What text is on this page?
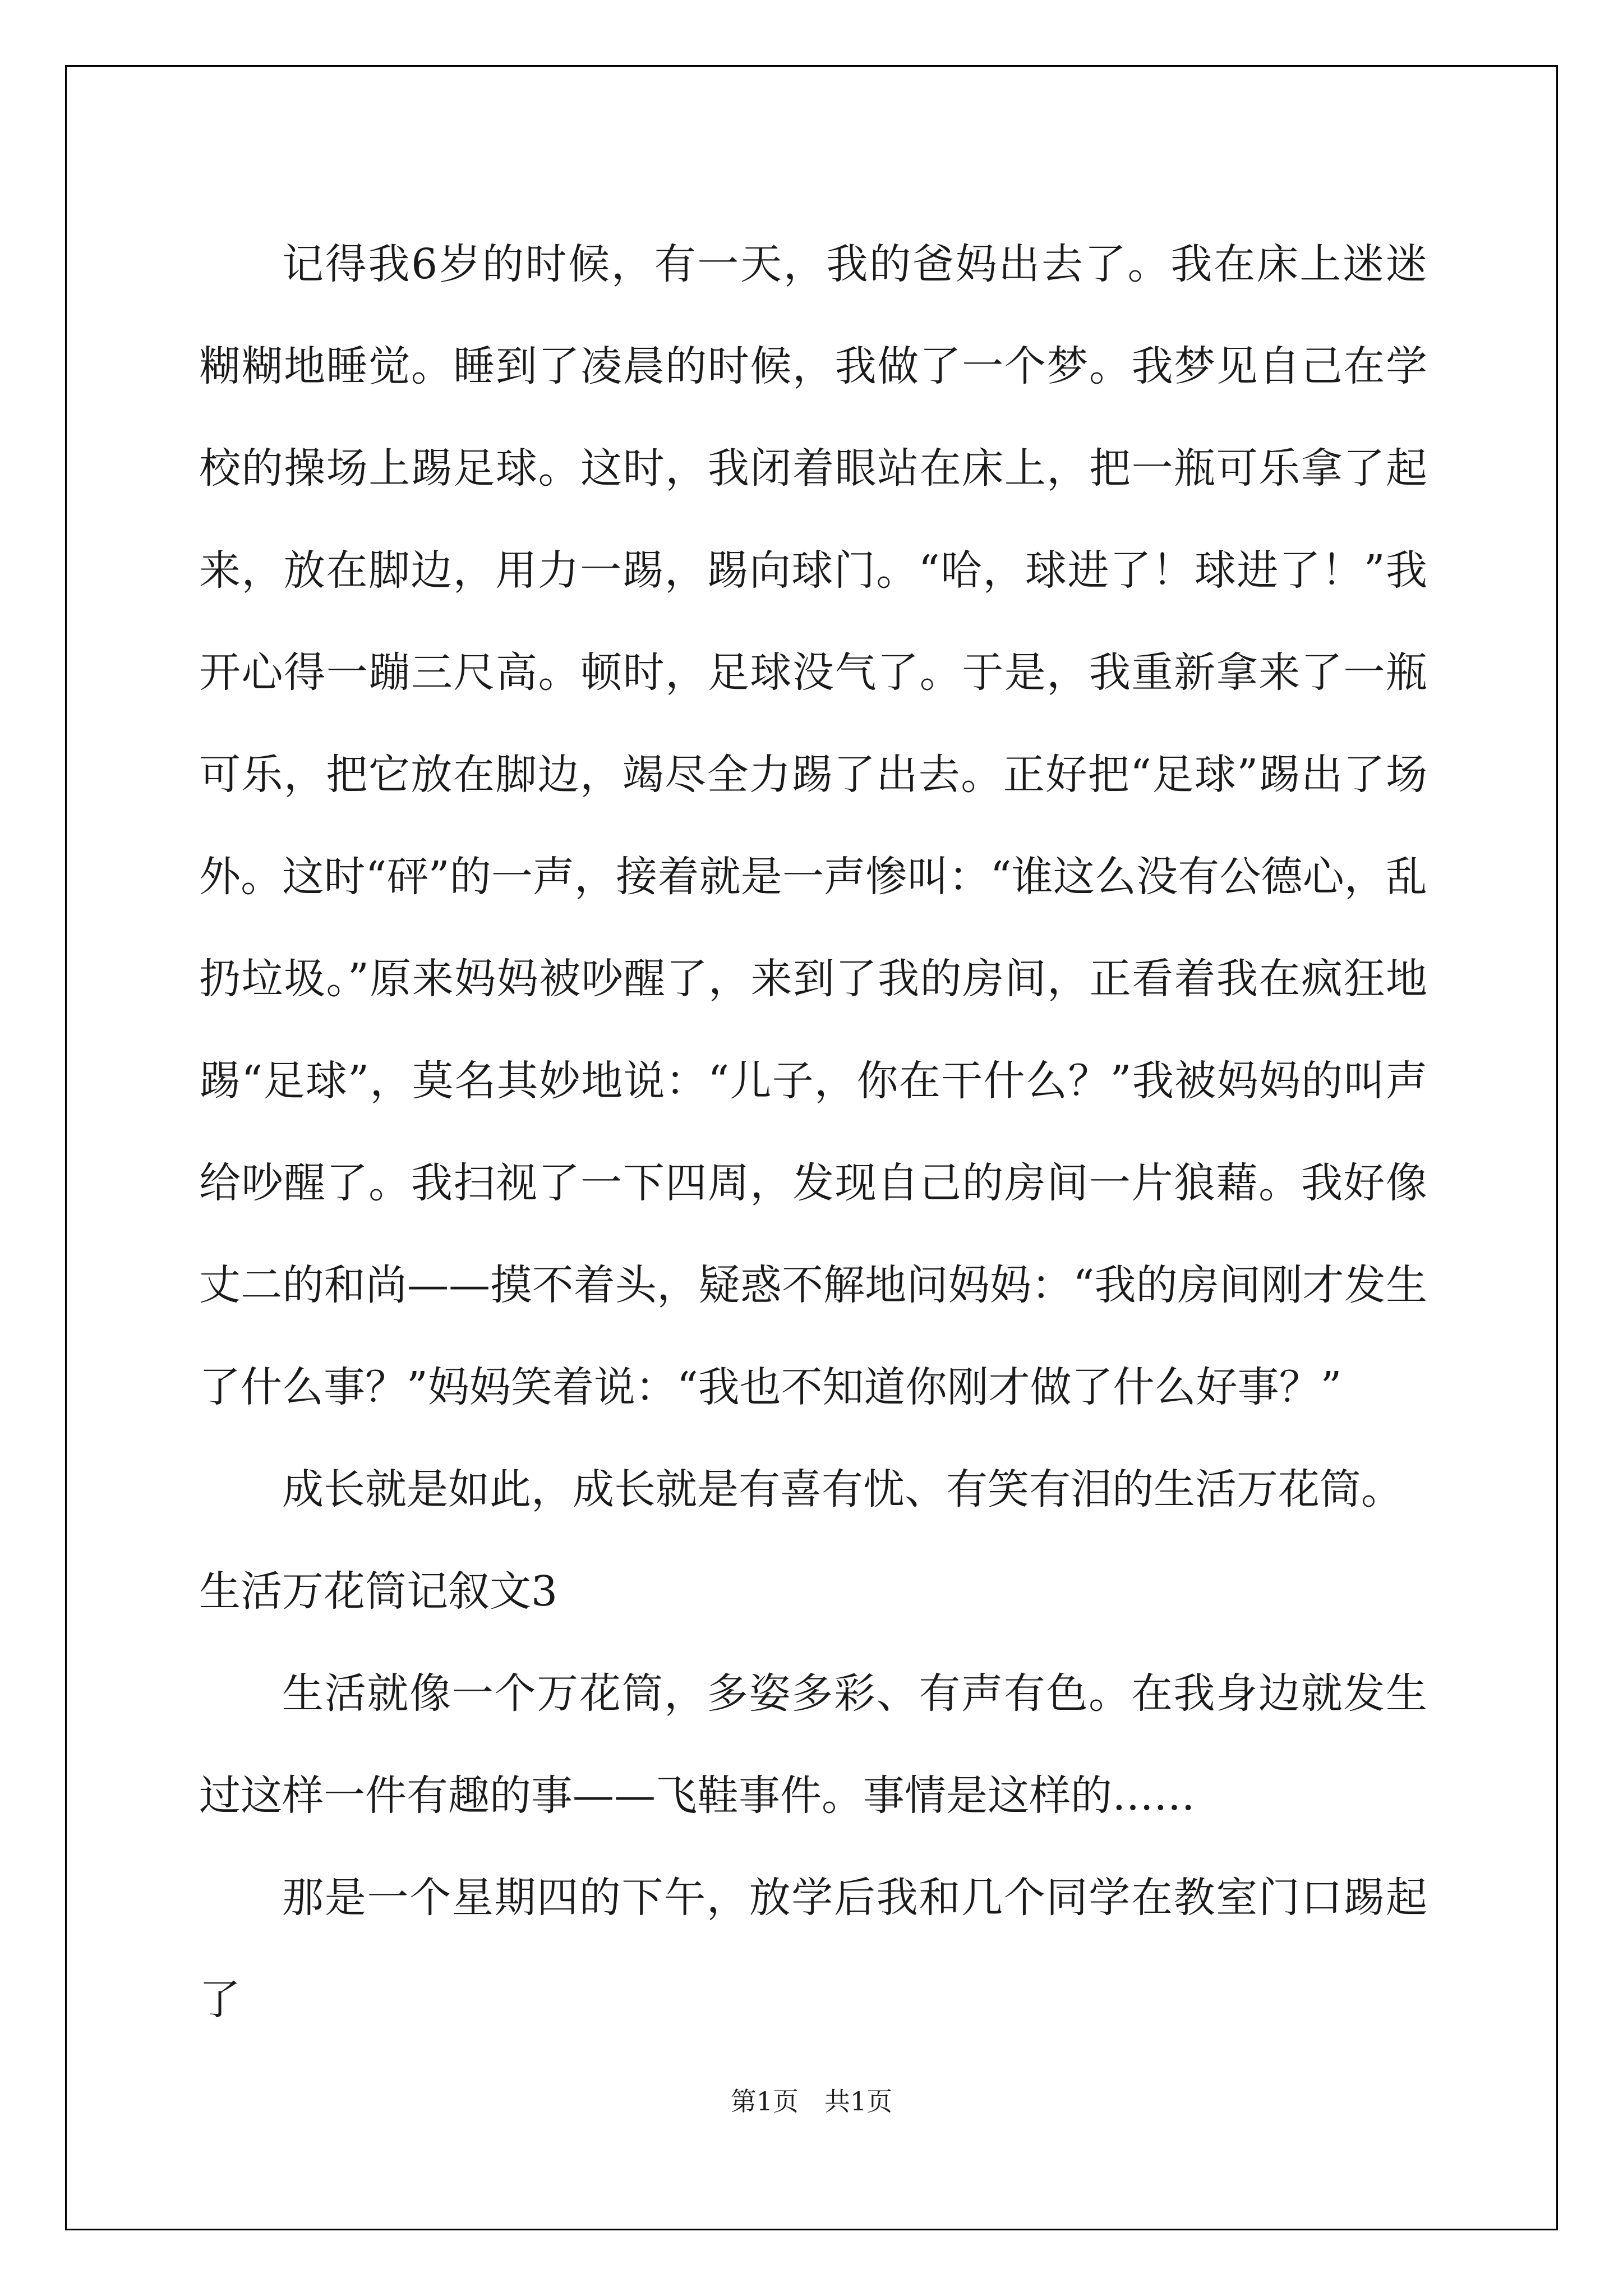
记得我6岁的时候，有一天，我的爸妈出去了。我在床上迷迷糊糊地睡觉。睡到了凌晨的时候，我做了一个梦。我梦见自己在学校的操场上踢足球。这时，我闭着眼站在床上，把一瓶可乐拿了起来，放在脚边，用力一踢，踢向球门。“哈，球进了！球进了！”我开心得一蹦三尺高。顿时，足球没气了。于是，我重新拿来了一瓶可乐，把它放在脚边，竭尽全力踢了出去。正好把“足球”踢出了场外。这时“砰”的一声，接着就是一声惨叫：“谁这么没有公德心，乱扔垃圾。”原来妈妈被吵醒了，来到了我的房间，正看着我在疯狂地踢“足球”，莫名其妙地说：“儿子，你在干什么？”我被妈妈的叫声给吵醒了。我扫视了一下四周，发现自己的房间一片狼藉。我好像丈二的和尚——摸不着头，疑惑不解地问妈妈：“我的房间刚才发生了什么事？”妈妈笑着说：“我也不知道你刚才做了什么好事？”

成长就是如此，成长就是有喜有忧、有笑有泪的生活万花筒。

生活万花筒记叙文3

生活就像一个万花筒，多姿多彩、有声有色。在我身边就发生过这样一件有趣的事——飞鞋事件。事情是这样的……

那是一个星期四的下午，放学后我和几个同学在教室门口踢起了

第1页　共1页
